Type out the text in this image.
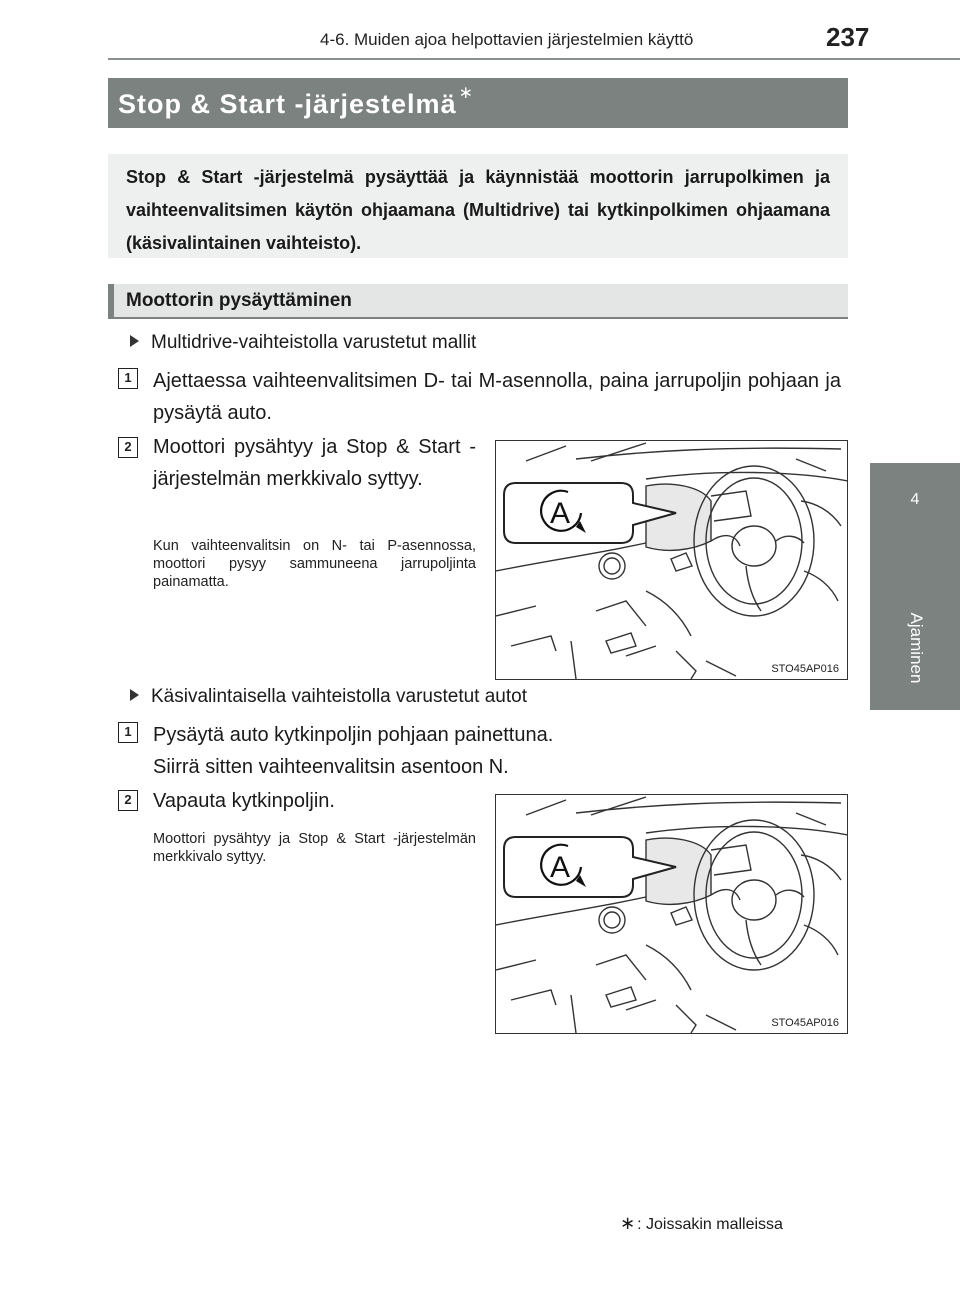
4-6. Muiden ajoa helpottavien järjestelmien käyttö	237
4
Ajaminen
Stop & Start -järjestelmä ∗
Stop & Start -järjestelmä pysäyttää ja käynnistää moottorin jarrupolkimen ja vaihteenvalitsimen käytön ohjaamana (Multidrive) tai kytkinpolkimen ohjaamana (käsivalintainen vaihteisto).
Moottorin pysäyttäminen
Multidrive-vaihteistolla varustetut mallit
1	Ajettaessa vaihteenvalitsimen D- tai M-asennolla, paina jarrupoljin pohjaan ja pysäytä auto.
2	Moottori pysähtyy ja Stop & Start -järjestelmän merkkivalo syttyy.
Kun vaihteenvalitsin on N- tai P-asennossa, moottori pysyy sammuneena jarrupoljinta painamatta.
A
STO45AP016
Käsivalintaisella vaihteistolla varustetut autot
1	Pysäytä auto kytkinpoljin pohjaan painettuna.
Siirrä sitten vaihteenvalitsin asentoon N.
2	Vapauta kytkinpoljin.
Moottori pysähtyy ja Stop & Start -järjestelmän merkkivalo syttyy.	A
STO45AP016
∗ : Joissakin malleissa
